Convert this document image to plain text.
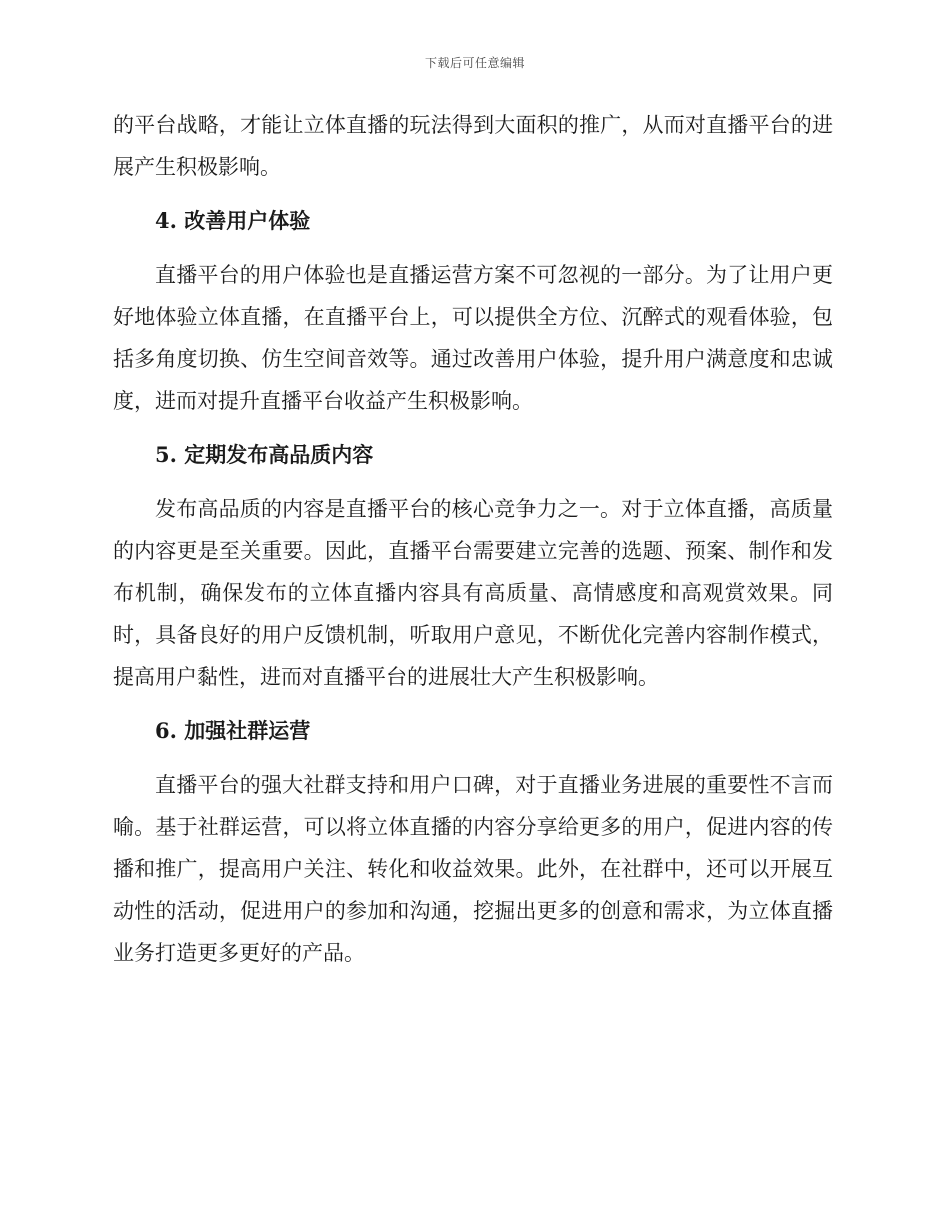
下载后可任意编辑

的平台战略，才能让立体直播的玩法得到大面积的推广，从而对直播平台的进展产生积极影响。

4. 改善用户体验

直播平台的用户体验也是直播运营方案不可忽视的一部分。为了让用户更好地体验立体直播，在直播平台上，可以提供全方位、沉醉式的观看体验，包括多角度切换、仿生空间音效等。通过改善用户体验，提升用户满意度和忠诚度，进而对提升直播平台收益产生积极影响。

5. 定期发布高品质内容

发布高品质的内容是直播平台的核心竞争力之一。对于立体直播，高质量的内容更是至关重要。因此，直播平台需要建立完善的选题、预案、制作和发布机制，确保发布的立体直播内容具有高质量、高情感度和高观赏效果。同时，具备良好的用户反馈机制，听取用户意见，不断优化完善内容制作模式，提高用户黏性，进而对直播平台的进展壮大产生积极影响。

6. 加强社群运营

直播平台的强大社群支持和用户口碑，对于直播业务进展的重要性不言而喻。基于社群运营，可以将立体直播的内容分享给更多的用户，促进内容的传播和推广，提高用户关注、转化和收益效果。此外，在社群中，还可以开展互动性的活动，促进用户的参加和沟通，挖掘出更多的创意和需求，为立体直播业务打造更多更好的产品。
